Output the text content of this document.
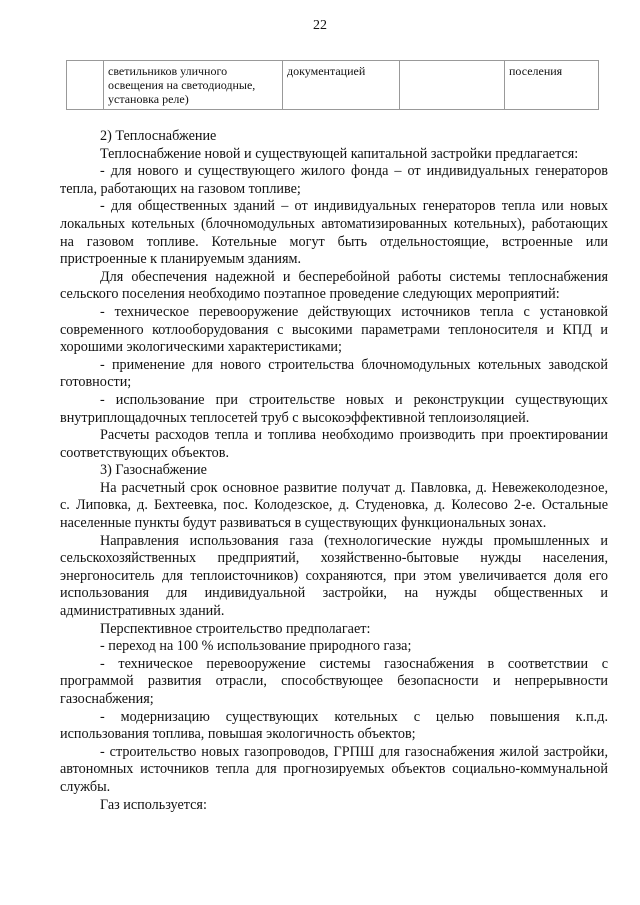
22
	светильников уличного освещения на светодиодные, установка реле)	документацией		поселения

2) Теплоснабжение

Теплоснабжение новой и существующей капитальной застройки предлагается:

- для нового и существующего жилого фонда – от индивидуальных генераторов тепла, работающих на газовом топливе;

- для общественных зданий – от индивидуальных генераторов тепла или новых локальных котельных (блочномодульных автоматизированных котельных), работающих на газовом топливе. Котельные могут быть отдельностоящие, встроенные или пристроенные к планируемым зданиям.

Для обеспечения надежной и бесперебойной работы системы теплоснабжения сельского поселения необходимо поэтапное проведение следующих мероприятий:

- техническое перевооружение действующих источников тепла с установкой современного котлооборудования с высокими параметрами теплоносителя и КПД и хорошими экологическими характеристиками;

- применение для нового строительства блочномодульных котельных заводской готовности;

- использование при строительстве новых и реконструкции существующих внутриплощадочных теплосетей труб с высокоэффективной теплоизоляцией.

Расчеты расходов тепла и топлива необходимо производить при проектировании соответствующих объектов.

3) Газоснабжение

На расчетный срок основное развитие получат д. Павловка, д. Невежеколодезное, с. Липовка, д. Бехтеевка, пос. Колодезское, д. Студеновка, д. Колесово 2-е. Остальные населенные пункты будут развиваться в существующих функциональных зонах.

Направления использования газа (технологические нужды промышленных и сельскохозяйственных предприятий, хозяйственно-бытовые нужды населения, энергоноситель для теплоисточников) сохраняются, при этом увеличивается доля его использования для индивидуальной застройки, на нужды общественных и административных зданий.

Перспективное строительство предполагает:

- переход на 100 % использование природного газа;

- техническое перевооружение системы газоснабжения в соответствии с программой развития отрасли, способствующее безопасности и непрерывности газоснабжения;

- модернизацию существующих котельных с целью повышения к.п.д. использования топлива, повышая экологичность объектов;

- строительство новых газопроводов, ГРПШ для газоснабжения жилой застройки, автономных источников тепла для прогнозируемых объектов социально-коммунальной службы.

Газ используется:
